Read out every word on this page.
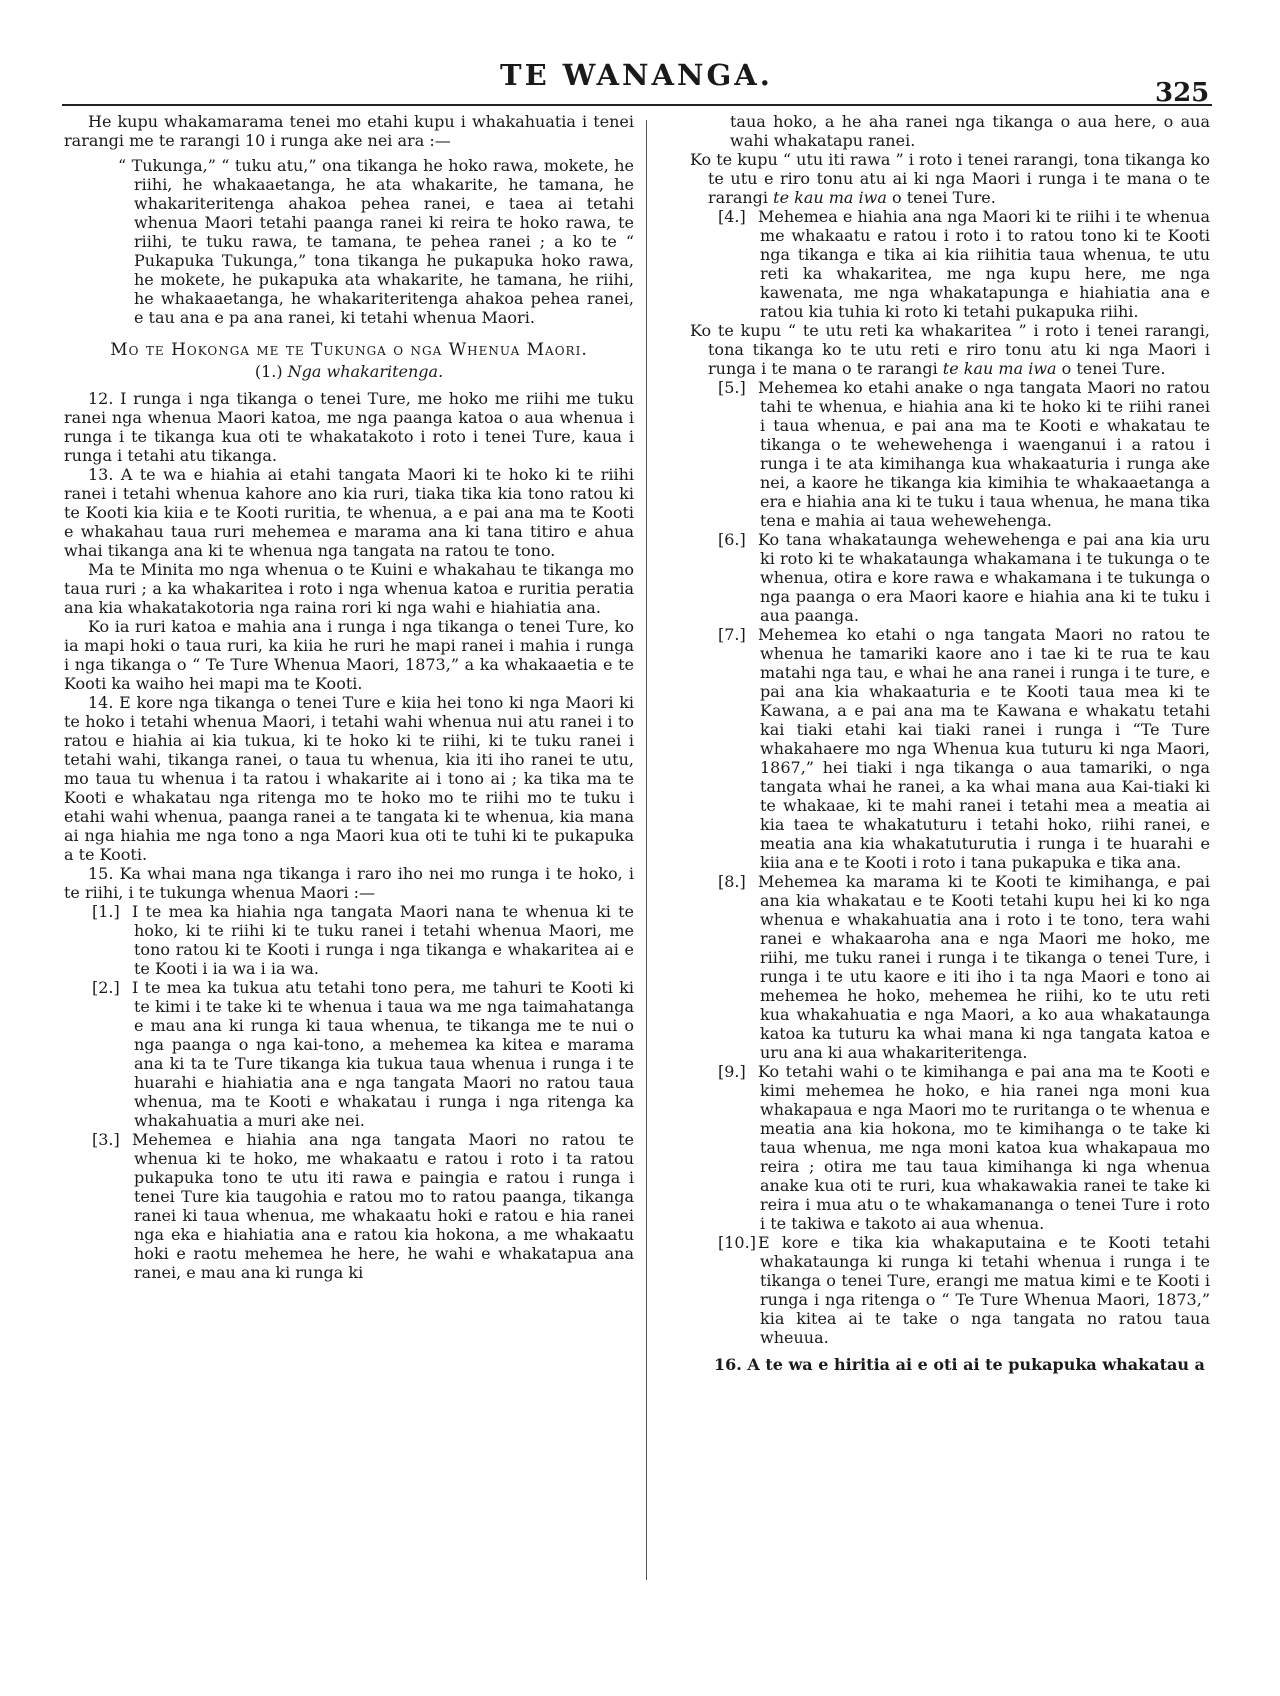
TE WANANGA.
325

He kupu whakamarama tenei mo etahi kupu i whakahuatia i tenei rarangi me te rarangi 10 i runga ake nei ara :—

“ Tukunga,” “ tuku atu,” ona tikanga he hoko rawa, mokete, he riihi, he whakaaetanga, he ata whakarite, he tamana, he whakariteritenga ahakoa pehea ranei, e taea ai tetahi whenua Maori tetahi paanga ranei ki reira te hoko rawa, te riihi, te tuku rawa, te tamana, te pehea ranei ; a ko te “ Pukapuka Tukunga,” tona tikanga he pukapuka hoko rawa, he mokete, he pukapuka ata whakarite, he tamana, he riihi, he whakaaetanga, he whakariteritenga ahakoa pehea ranei, e tau ana e pa ana ranei, ki tetahi whenua Maori.

Mo te Hokonga me te Tukunga o nga Whenua Maori.

(1.) Nga whakaritenga.

12. I runga i nga tikanga o tenei Ture, me hoko me riihi me tuku ranei nga whenua Maori katoa, me nga paanga katoa o aua whenua i runga i te tikanga kua oti te whakatakoto i roto i tenei Ture, kaua i runga i tetahi atu tikanga.

13. A te wa e hiahia ai etahi tangata Maori ki te hoko ki te riihi ranei i tetahi whenua kahore ano kia ruri, tiaka tika kia tono ratou ki te Kooti kia kiia e te Kooti ruritia, te whenua, a e pai ana ma te Kooti e whakahau taua ruri mehemea e marama ana ki tana titiro e ahua whai tikanga ana ki te whenua nga tangata na ratou te tono.

Ma te Minita mo nga whenua o te Kuini e whakahau te tikanga mo taua ruri ; a ka whakaritea i roto i nga whenua katoa e ruritia peratia ana kia whakatakotoria nga raina rori ki nga wahi e hiahiatia ana.

Ko ia ruri katoa e mahia ana i runga i nga tikanga o tenei Ture, ko ia mapi hoki o taua ruri, ka kiia he ruri he mapi ranei i mahia i runga i nga tikanga o “ Te Ture Whenua Maori, 1873,” a ka whakaaetia e te Kooti ka waiho hei mapi ma te Kooti.

14. E kore nga tikanga o tenei Ture e kiia hei tono ki nga Maori ki te hoko i tetahi whenua Maori, i tetahi wahi whenua nui atu ranei i to ratou e hiahia ai kia tukua, ki te hoko ki te riihi, ki te tuku ranei i tetahi wahi, tikanga ranei, o taua tu whenua, kia iti iho ranei te utu, mo taua tu whenua i ta ratou i whakarite ai i tono ai ; ka tika ma te Kooti e whakatau nga ritenga mo te hoko mo te riihi mo te tuku i etahi wahi whenua, paanga ranei a te tangata ki te whenua, kia mana ai nga hiahia me nga tono a nga Maori kua oti te tuhi ki te pukapuka a te Kooti.

15. Ka whai mana nga tikanga i raro iho nei mo runga i te hoko, i te riihi, i te tukunga whenua Maori :—

[1.] I te mea ka hiahia nga tangata Maori nana te whenua ki te hoko, ki te riihi ki te tuku ranei i tetahi whenua Maori, me tono ratou ki te Kooti i runga i nga tikanga e whakaritea ai e te Kooti i ia wa i ia wa.

[2.] I te mea ka tukua atu tetahi tono pera, me tahuri te Kooti ki te kimi i te take ki te whenua i taua wa me nga taimahatanga e mau ana ki runga ki taua whenua, te tikanga me te nui o nga paanga o nga kai-tono, a mehemea ka kitea e marama ana ki ta te Ture tikanga kia tukua taua whenua i runga i te huarahi e hiahiatia ana e nga tangata Maori no ratou taua whenua, ma te Kooti e whakatau i runga i nga ritenga ka whakahuatia a muri ake nei.

[3.] Mehemea e hiahia ana nga tangata Maori no ratou te whenua ki te hoko, me whakaatu e ratou i roto i ta ratou pukapuka tono te utu iti rawa e paingia e ratou i runga i tenei Ture kia taugohia e ratou mo to ratou paanga, tikanga ranei ki taua whenua, me whakaatu hoki e ratou e hia ranei nga eka e hiahiatia ana e ratou kia hokona, a me whakaatu hoki e raotu mehemea he here, he wahi e whakatapua ana ranei, e mau ana ki runga ki

taua hoko, a he aha ranei nga tikanga o aua here, o aua wahi whakatapu ranei.

Ko te kupu “ utu iti rawa ” i roto i tenei rarangi, tona tikanga ko te utu e riro tonu atu ai ki nga Maori i runga i te mana o te rarangi te kau ma iwa o tenei Ture.

[4.] Mehemea e hiahia ana nga Maori ki te riihi i te whenua me whakaatu e ratou i roto i to ratou tono ki te Kooti nga tikanga e tika ai kia riihitia taua whenua, te utu reti ka whakaritea, me nga kupu here, me nga kawenata, me nga whakatapunga e hiahiatia ana e ratou kia tuhia ki roto ki tetahi pukapuka riihi.

Ko te kupu “ te utu reti ka whakaritea ” i roto i tenei rarangi, tona tikanga ko te utu reti e riro tonu atu ki nga Maori i runga i te mana o te rarangi te kau ma iwa o tenei Ture.

[5.] Mehemea ko etahi anake o nga tangata Maori no ratou tahi te whenua, e hiahia ana ki te hoko ki te riihi ranei i taua whenua, e pai ana ma te Kooti e whakatau te tikanga o te wehewehenga i waenganui i a ratou i runga i te ata kimihanga kua whakaaturia i runga ake nei, a kaore he tikanga kia kimihia te whakaaetanga a era e hiahia ana ki te tuku i taua whenua, he mana tika tena e mahia ai taua wehewehenga.

[6.] Ko tana whakataunga wehewehenga e pai ana kia uru ki roto ki te whakataunga whakamana i te tukunga o te whenua, otira e kore rawa e whakamana i te tukunga o nga paanga o era Maori kaore e hiahia ana ki te tuku i aua paanga.

[7.] Mehemea ko etahi o nga tangata Maori no ratou te whenua he tamariki kaore ano i tae ki te rua te kau matahi nga tau, e whai he ana ranei i runga i te ture, e pai ana kia whakaaturia e te Kooti taua mea ki te Kawana, a e pai ana ma te Kawana e whakatu tetahi kai tiaki etahi kai tiaki ranei i runga i “Te Ture whakahaere mo nga Whenua kua tuturu ki nga Maori, 1867,” hei tiaki i nga tikanga o aua tamariki, o nga tangata whai he ranei, a ka whai mana aua Kai-tiaki ki te whakaae, ki te mahi ranei i tetahi mea a meatia ai kia taea te whakatuturu i tetahi hoko, riihi ranei, e meatia ana kia whakatuturutia i runga i te huarahi e kiia ana e te Kooti i roto i tana pukapuka e tika ana.

[8.] Mehemea ka marama ki te Kooti te kimihanga, e pai ana kia whakatau e te Kooti tetahi kupu hei ki ko nga whenua e whakahuatia ana i roto i te tono, tera wahi ranei e whakaaroha ana e nga Maori me hoko, me riihi, me tuku ranei i runga i te tikanga o tenei Ture, i runga i te utu kaore e iti iho i ta nga Maori e tono ai mehemea he hoko, mehemea he riihi, ko te utu reti kua whakahuatia e nga Maori, a ko aua whakataunga katoa ka tuturu ka whai mana ki nga tangata katoa e uru ana ki aua whakariteritenga.

[9.] Ko tetahi wahi o te kimihanga e pai ana ma te Kooti e kimi mehemea he hoko, e hia ranei nga moni kua whakapaua e nga Maori mo te ruritanga o te whenua e meatia ana kia hokona, mo te kimihanga o te take ki taua whenua, me nga moni katoa kua whakapaua mo reira ; otira me tau taua kimihanga ki nga whenua anake kua oti te ruri, kua whakawakia ranei te take ki reira i mua atu o te whakamananga o tenei Ture i roto i te takiwa e takoto ai aua whenua.

[10.] E kore e tika kia whakaputaina e te Kooti tetahi whakataunga ki runga ki tetahi whenua i runga i te tikanga o tenei Ture, erangi me matua kimi e te Kooti i runga i nga ritenga o “ Te Ture Whenua Maori, 1873,” kia kitea ai te take o nga tangata no ratou taua wheuua.

16. A te wa e hiritia ai e oti ai te pukapuka whakatau a
